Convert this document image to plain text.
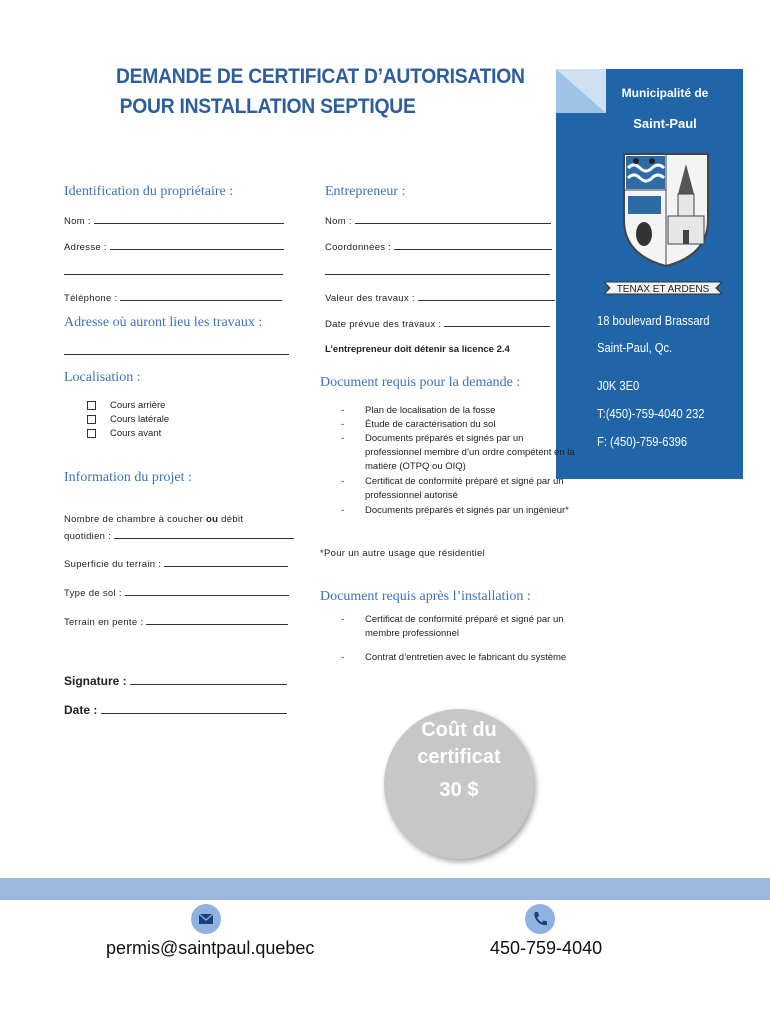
DEMANDE DE CERTIFICAT D’AUTORISATION
POUR INSTALLATION SEPTIQUE
Municipalité de
Saint-Paul
TENAX ET ARDENS
18 boulevard Brassard
Saint-Paul, Qc.
J0K 3E0
T:(450)-759-4040 232
F: (450)-759-6396
Identification du propriétaire :
Nom :
Adresse :
Téléphone :
Adresse où auront lieu les travaux :
Localisation :
Cours arrière
Cours latérale
Cours avant
Information du projet :
Nombre de chambre à coucher ou débit
quotidien :
Superficie du terrain :
Type de sol :
Terrain en pente :
Signature :
Date :
Entrepreneur :
Nom :
Coordonnées :
Valeur des travaux :
Date prévue des travaux :
L’entrepreneur doit détenir sa licence 2.4
Document requis pour la demande :
- Plan de localisation de la fosse
- Étude de caractérisation du sol
- Documents préparés et signés par un professionnel membre d’un ordre compétent en la matière (OTPQ ou OIQ)
- Certificat de conformité préparé et signé par un professionnel autorisé
- Documents préparés et signés par un ingénieur*
*Pour un autre usage que résidentiel
Document requis après l’installation :
- Certificat de conformité préparé et signé par un membre professionnel
- Contrat d’entretien avec le fabricant du système
Coût du
certificat
30 $
permis@saintpaul.quebec	450-759-4040
